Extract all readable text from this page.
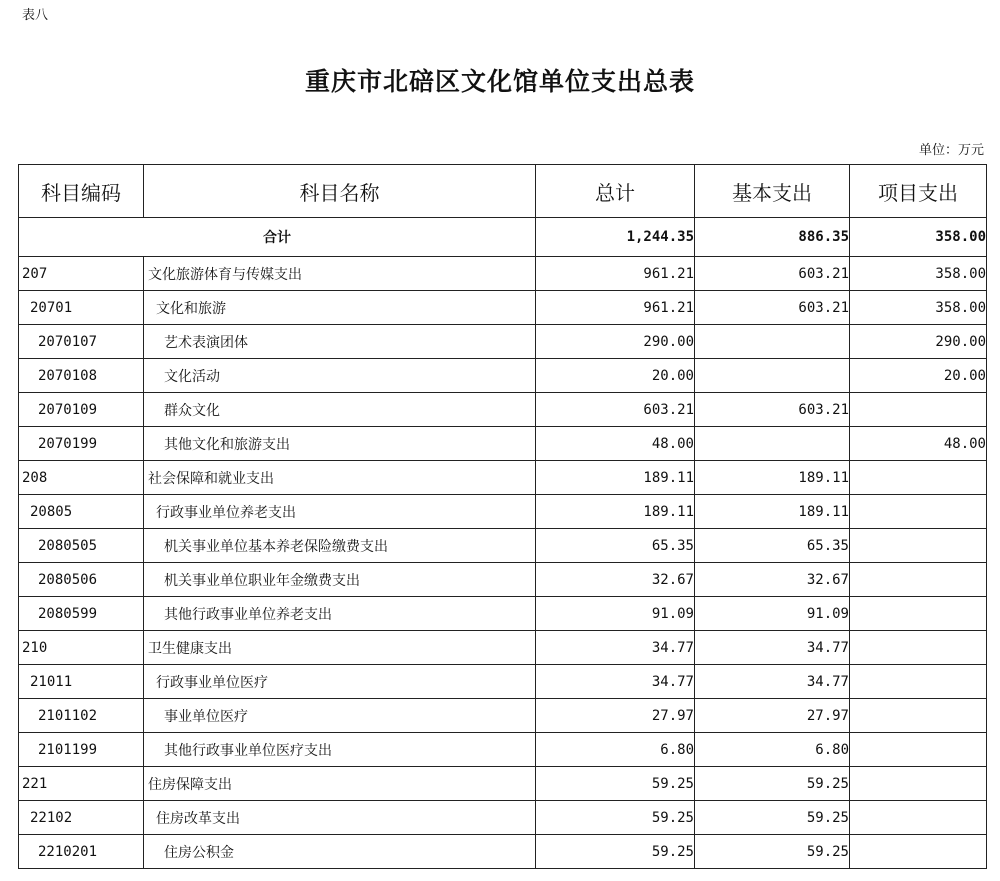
表八
重庆市北碚区文化馆单位支出总表
单位：万元
科目编码	科目名称	总计	基本支出	项目支出
合计		1,244.35	886.35	358.00
207	文化旅游体育与传媒支出	961.21	603.21	358.00
20701	文化和旅游	961.21	603.21	358.00
2070107	艺术表演团体	290.00		290.00
2070108	文化活动	20.00		20.00
2070109	群众文化	603.21	603.21	
2070199	其他文化和旅游支出	48.00		48.00
208	社会保障和就业支出	189.11	189.11	
20805	行政事业单位养老支出	189.11	189.11	
2080505	机关事业单位基本养老保险缴费支出	65.35	65.35	
2080506	机关事业单位职业年金缴费支出	32.67	32.67	
2080599	其他行政事业单位养老支出	91.09	91.09	
210	卫生健康支出	34.77	34.77	
21011	行政事业单位医疗	34.77	34.77	
2101102	事业单位医疗	27.97	27.97	
2101199	其他行政事业单位医疗支出	6.80	6.80	
221	住房保障支出	59.25	59.25	
22102	住房改革支出	59.25	59.25	
2210201	住房公积金	59.25	59.25	
